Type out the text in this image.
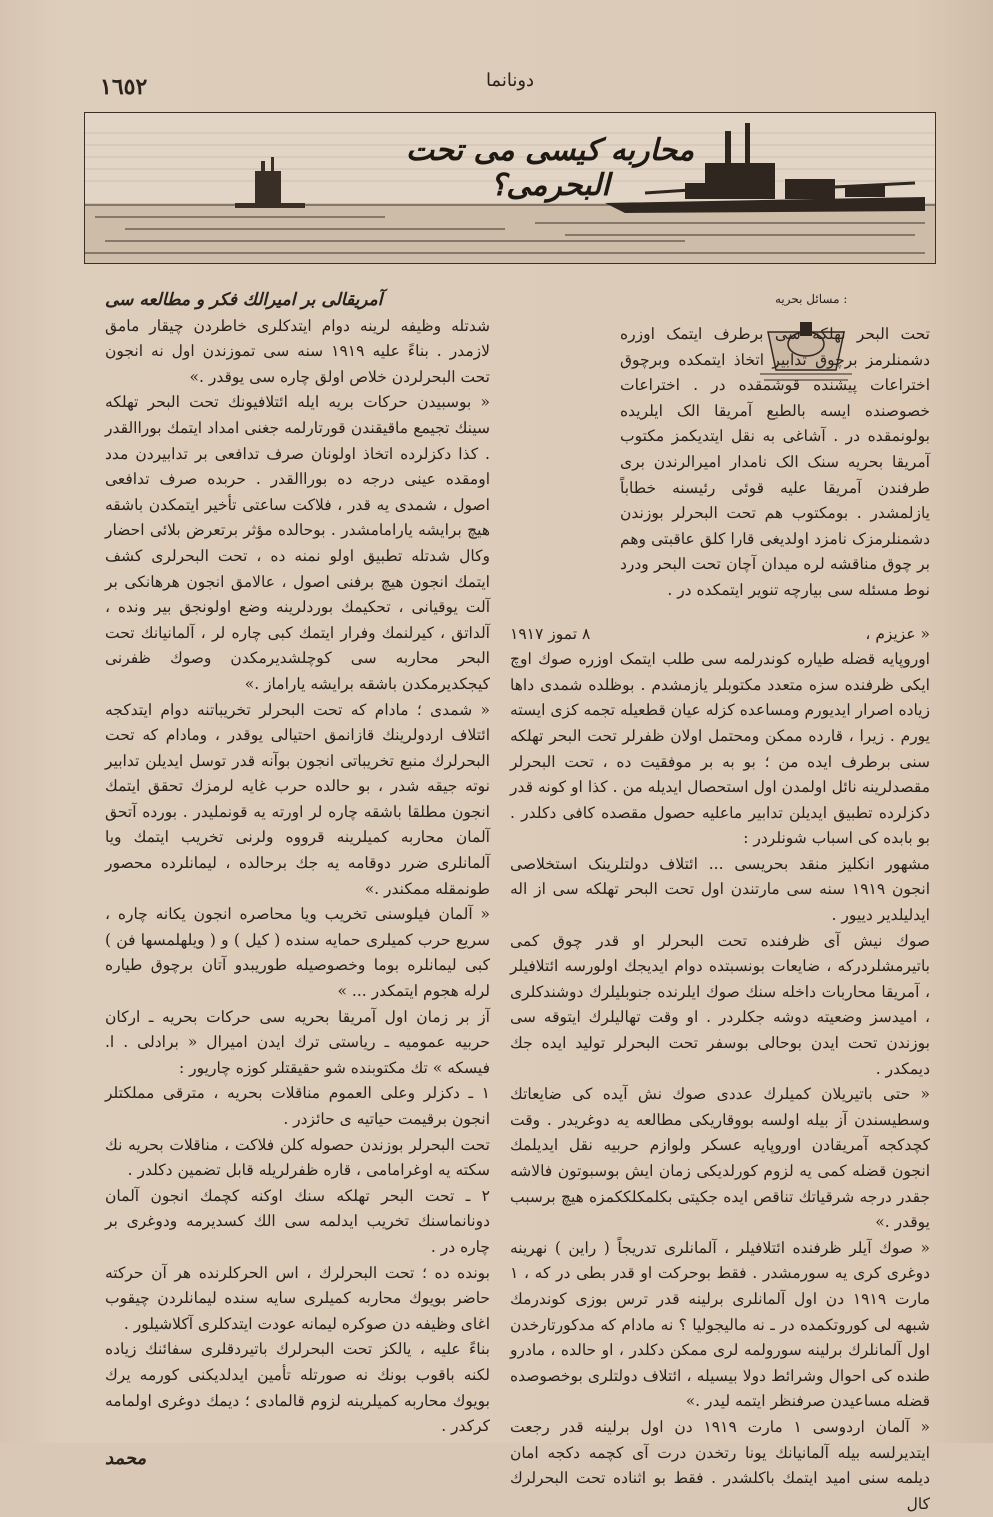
١٦٥٢	دونانما
محاربه کیسی می تحت البحرمی؟
مسائل بحریه :

تحت البحر تهلکه سی برطرف ایتمک اوزره دشمنلرمز برچوق تدابیر اتخاذ ایتمکده وبرچوق اختراعات پیشنده قوشمقده در . اختراعات خصوصنده ایسه بالطبع آمریقا الک ایلریده بولونمقده در . آشاغی به نقل ایتدیکمز مکتوب آمریقا بحریه سنک الک نامدار امیرالرندن بری طرفندن آمریقا علیه قوئی رئیسنه خطاباً یازلمشدر . بومکتوب هم تحت البحرلر بوزندن دشمنلرمزک نامزد اولدیغی قارا کلق عاقبتی وهم بر چوق مناقشه لره میدان آچان تحت البحر ودرد نوط مسئله سی بیارچه تنویر ایتمکده در .

« عزیزم ،
٨ تموز ١٩١٧

اوروپایه قضله طیاره کوندرلمه سی طلب ایتمک اوزره صوك اوچ ایکی ظرفنده سزه متعدد مکتوبلر یازمشدم . بوظلده شمدی داها زیاده اصرار ایدیورم ومساعده کزله عیان قطعیله تجمه کزی ایسته یورم . زیرا ، قارده ممکن ومحتمل اولان ظفرلر تحت البحر تهلکه سنی برطرف ایده من ؛ بو به بر موفقیت ده ، تحت البحرلر مقصدلرینه نائل اولمدن اول استحصال ایدیله من . کذا او کونه قدر دکزلرده تطبیق ایدیلن تدابیر ماعلیه حصول مقصده کافی دکلدر . بو بابده کی اسباب شونلردر :

مشهور انکلیز منقد بحریسی ... ائتلاف دولتلرینک استخلاصی انجون ١٩١٩ سنه سی مارتندن اول تحت البحر تهلکه سی از اله ایدلیلدیر دییور .

صوك نیش آی ظرفنده تحت البحرلر او قدر چوق کمی باتیرمشلردرکه ، ضایعات بونسبتده دوام ایدیجك اولورسه ائتلافیلر ، آمریقا محاربات داخله سنك صوك ایلرنده جنوبلیلرك دوشندکلری ، امیدسز وضعیته دوشه جکلردر . او وقت تهالیلرك ایتوقه سی بوزندن تحت ایدن بوحالی بوسفر تحت البحرلر تولید ایده جك دیمکدر .

« حتی باتیریلان کمیلرك عددی صوك نش آیده کی ضایعاتك وسطیسندن آز بیله اولسه بووقاریکی مطالعه یه دوغریدر . وقت کچدکجه آمریقادن اوروپایه عسکر ولوازم حربیه نقل ایدیلمك انجون قضله کمی یه لزوم کورلدیکی زمان ایش بوسبوتون فالاشه جقدر درجه شرقیاتك تناقص ایده جکیتی بکلمکلککمزه هیچ برسبب یوقدر .»

« صوك آیلر ظرفنده ائتلافیلر ، آلمانلری تدریجاً ( راین ) نهرینه دوغری کری یه سورمشدر . فقط بوحرکت او قدر بطی در که ، ١ مارت ١٩١٩ دن اول آلمانلری برلینه قدر ترس بوزی کوندرمك شبهه لی کوروتکمده در ـ نه مالیجولیا ؟ نه مادام که مدکورتارخدن اول آلمانلرك برلینه سورولمه لری ممکن دکلدر ، او حالده ، مادرو طنده کی احوال وشرائط دولا بیسیله ، ائتلاف دولتلری بوخصوصده قضله مساعیدن صرفنظر ایتمه لیدر .»

« آلمان اردوسی ١ مارت ١٩١٩ دن اول برلینه قدر رجعت ایتدیرلسه بیله آلمانیانك یونا رتخدن درت آی کچمه دکجه امان دیلمه سنی امید ایتمك باکلشدر . فقط بو اثناده تحت البحرلرك کال

آمریقالی بر امیرالك فکر و مطالعه سی

شدتله وظیفه لرینه دوام ایتدکلری خاطردن چیقار مامق لازمدر . بناءً علیه ١٩١٩ سنه سی تموزندن اول نه انجون تحت البحرلردن خلاص اولق چاره سی یوقدر .»

« بوسبیدن حرکات بریه ایله ائتلافیونك تحت البحر تهلکه سینك تجیمع ماقیقندن قورتارلمه جغنی امداد ایتمك بوراالقدر . کذا دکزلرده اتخاذ اولونان صرف تدافعی بر تدابیردن مدد اومقده عینی درجه ده بوراالقدر . حربده صرف تدافعی اصول ، شمدی یه قدر ، فلاکت ساعتی تأخیر ایتمکدن باشقه هیچ برایشه یارامامشدر . بوحالده مؤثر برتعرض بلائی احضار وکال شدتله تطبیق اولو نمنه ده ، تحت البحرلری کشف ایتمك انجون هیچ برفنی اصول ، عالامق انجون هرهانکی بر آلت یوقیانی ، تحکیمك بوردلرینه وضع اولونجق بیر ونده ، آلداتق ، کیرلنمك وفرار ایتمك کبی چاره لر ، آلمانیانك تحت البحر محاربه سی کوچلشدیرمکدن وصوك ظفرنی کیجکدیرمکدن باشقه برایشه یاراماز .»

« شمدی ؛ مادام که تحت البحرلر تخریباتنه دوام ایتدکجه ائتلاف اردولرینك قازانمق احتیالی یوقدر ، ومادام که تحت البحرلرك منبع تخریباتی انجون بوآنه قدر توسل ایدیلن تدابیر نوته جیقه شدر ، بو حالده حرب غایه لرمزك تحقق ایتمك انجون مطلقا باشقه چاره لر اورته یه قونملیدر . بورده آتحق آلمان محاربه کمیلرینه قرووه ولرنی تخریب ایتمك ویا آلمانلری ضرر دوقامه یه جك برحالده ، لیمانلرده محصور طونمقله ممکندر .»

« آلمان فیلوسنی تخریب ویا محاصره انجون یکانه چاره ، سریع حرب کمیلری حمایه سنده ( کیل ) و ( ویلهلمسها فن ) کبی لیمانلره بوما وخصوصیله طوریبدو آتان برچوق طیاره لرله هجوم ایتمکدر ... »

آز بر زمان اول آمریقا بحریه سی حرکات بحریه ـ ارکان حربیه عمومیه ـ ریاستی ترك ایدن امیرال « برادلی . ا. فیسکه » تك مکتوبنده شو حقیقتلر کوزه چاریور :

١ ـ دکزلر وعلی العموم مناقلات بحریه ، مترقی مملکتلر انجون برقیمت حیاتیه ی حائزدر .

تحت البحرلر بوزندن حصوله کلن فلاکت ، مناقلات بحریه نك سکته یه اوغرامامی ، قاره ظفرلریله قابل تضمین دکلدر .

٢ ـ تحت البحر تهلکه سنك اوکنه کچمك انجون آلمان دونانماسنك تخریب ایدلمه سی الك کسدیرمه ودوغری بر چاره در .

بونده ده ؛ تحت البحرلرك ، اس الحرکلرنده هر آن حرکته حاضر بویوك محاربه کمیلری سایه سنده لیمانلردن چیقوب اغای وظیفه دن صوکره لیمانه عودت ایتدکلری آکلاشیلور .

بناءً علیه ، یالکز تحت البحرلرك باتیردقلری سفائنك زیاده لکنه باقوب بونك نه صورتله تأمین ایدلدیکنی کورمه یرك بویوك محاربه کمیلرینه لزوم قالمادی ؛ دیمك دوغری اولمامه کرکدر .

محمد
